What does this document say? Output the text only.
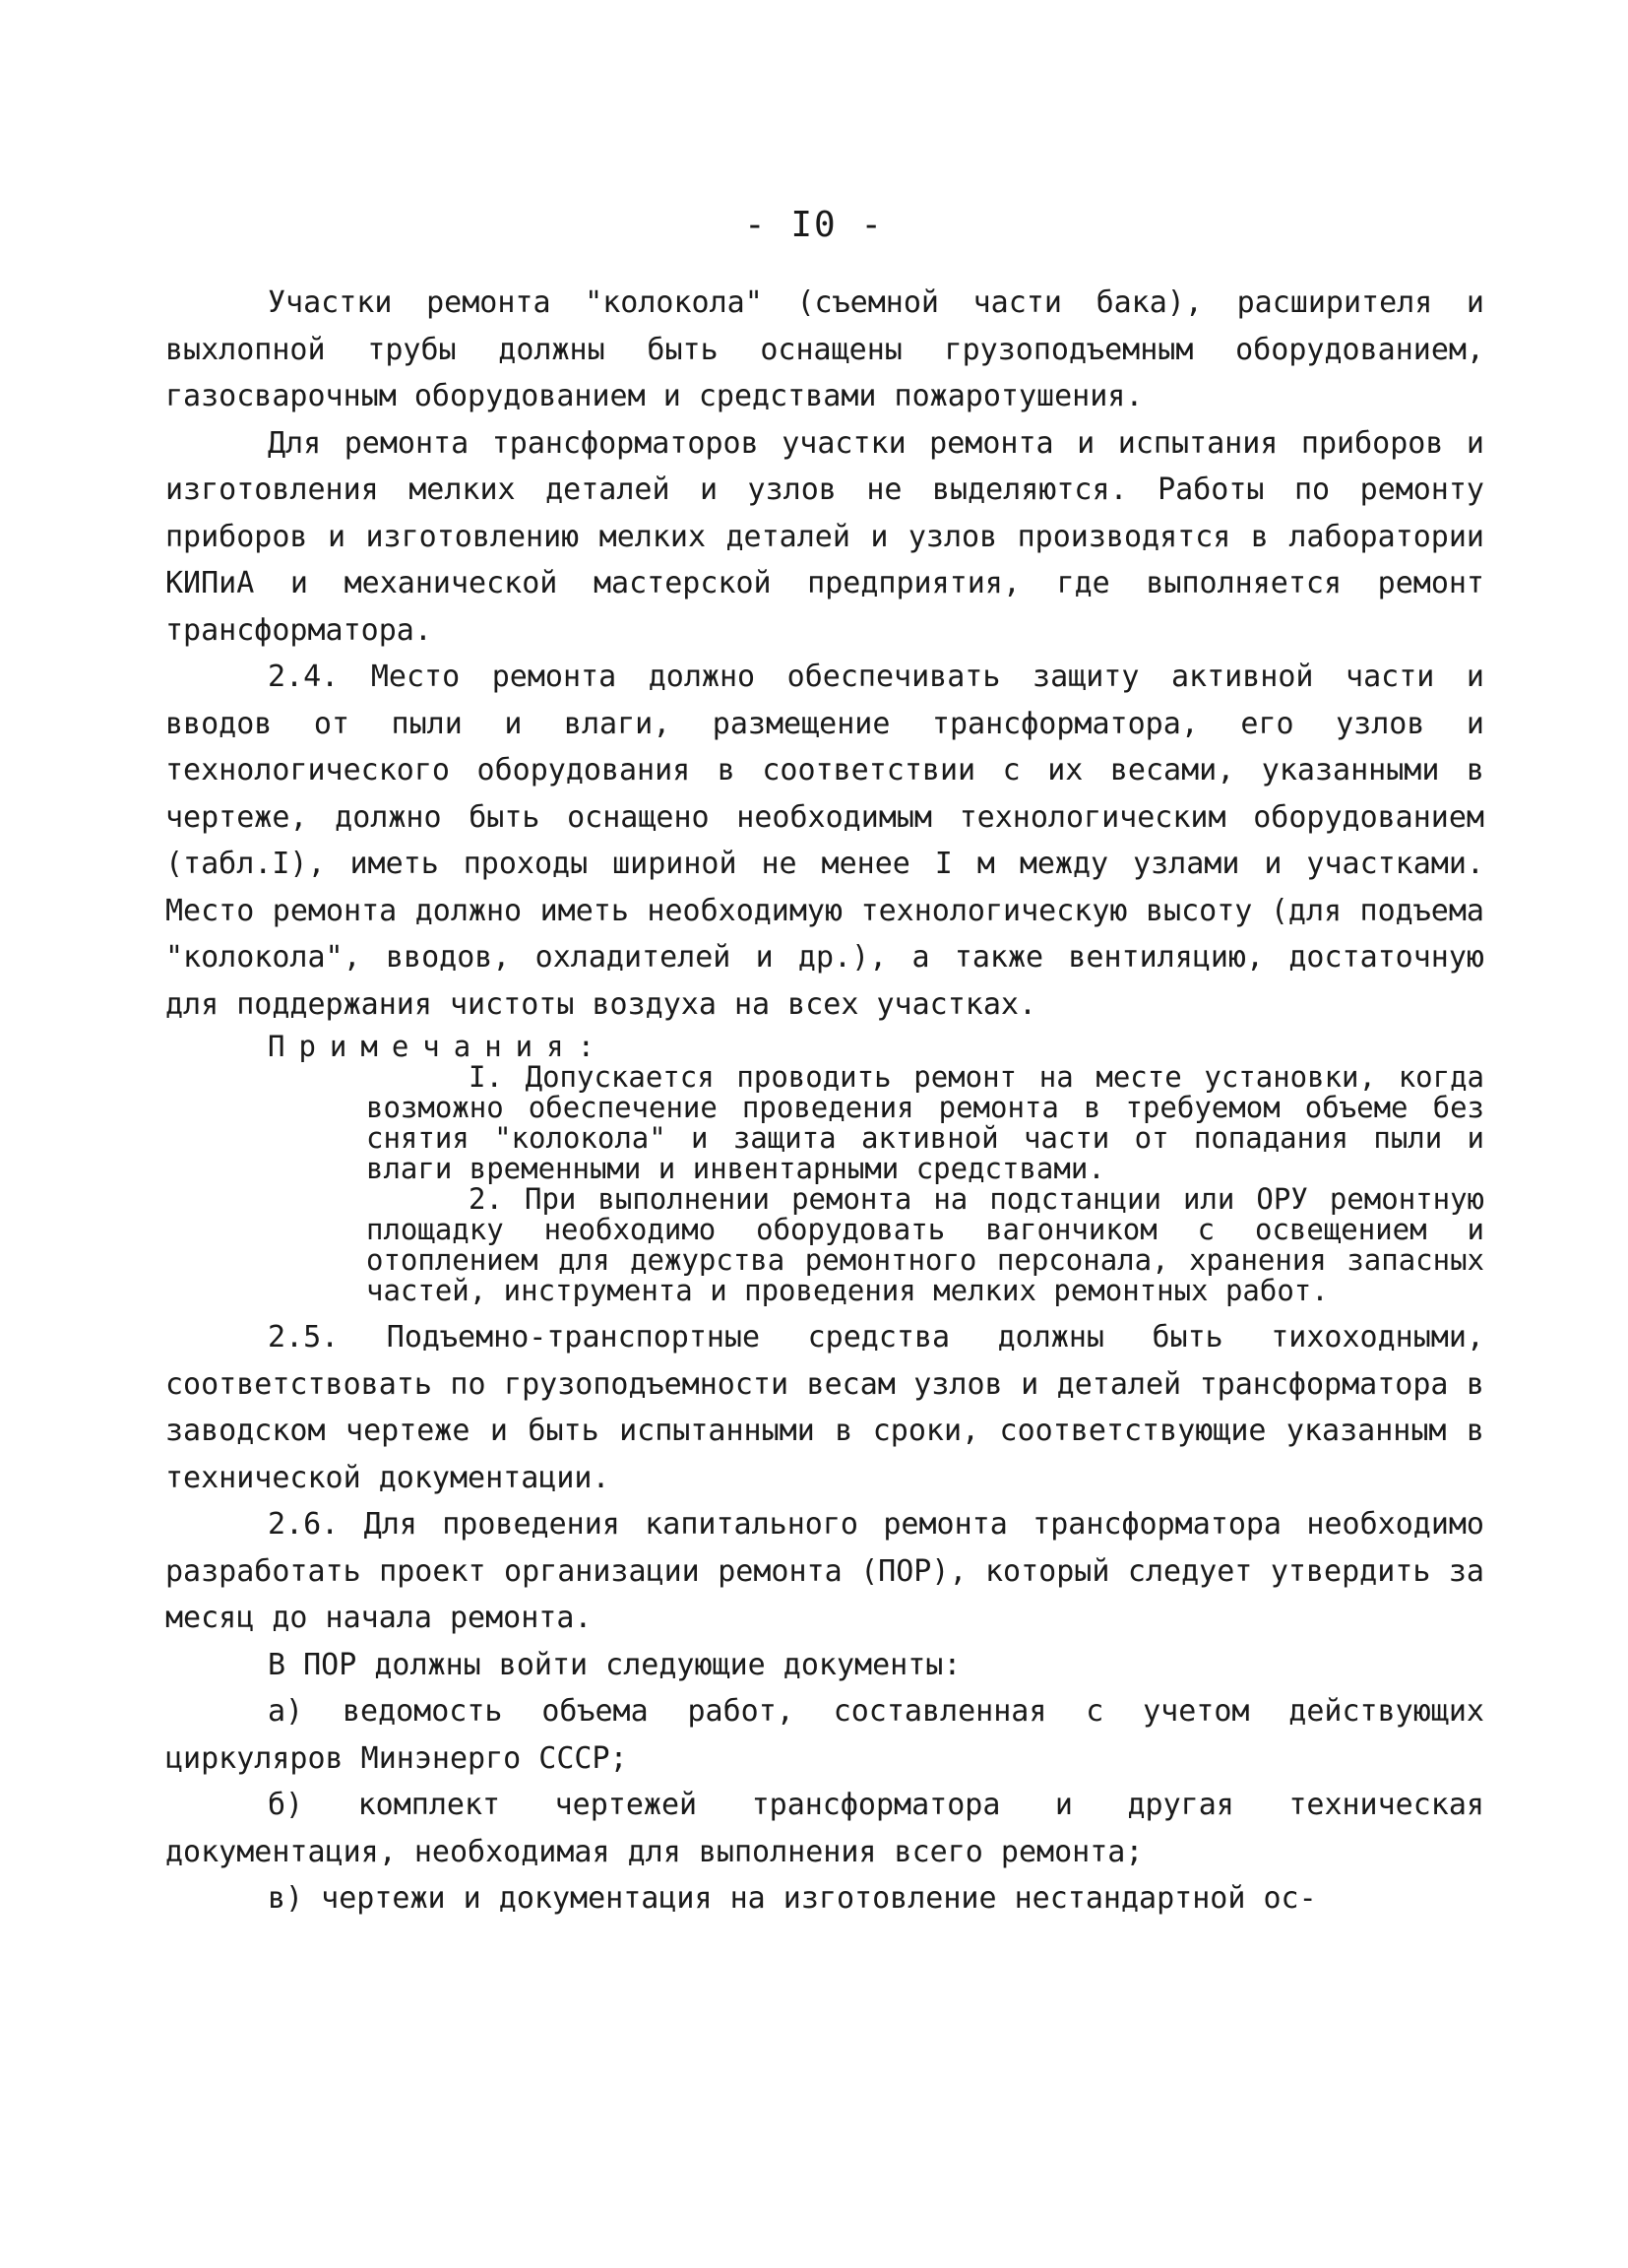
- I0 -

Участки ремонта "колокола" (съемной части бака), расширителя и выхлопной трубы должны быть оснащены грузоподъемным оборудованием, газосварочным оборудованием и средствами пожаротушения.

Для ремонта трансформаторов участки ремонта и испытания приборов и изготовления мелких деталей и узлов не выделяются. Работы по ремонту приборов и изготовлению мелких деталей и узлов производятся в лаборатории КИПиА и механической мастерской предприятия, где выполняется ремонт трансформатора.

2.4. Место ремонта должно обеспечивать защиту активной части и вводов от пыли и влаги, размещение трансформатора, его узлов и технологического оборудования в соответствии с их весами, указанными в чертеже, должно быть оснащено необходимым технологическим оборудованием (табл.I), иметь проходы шириной не менее I м между узлами и участками. Место ремонта должно иметь необходимую технологическую высоту (для подъема "колокола", вводов, охладителей и др.), а также вентиляцию, достаточную для поддержания чистоты воздуха на всех участках.

Примечания:

I. Допускается проводить ремонт на месте установки, когда возможно обеспечение проведения ремонта в требуемом объеме без снятия "колокола" и защита активной части от попадания пыли и влаги временными и инвентарными средствами.

2. При выполнении ремонта на подстанции или ОРУ ремонтную площадку необходимо оборудовать вагончиком с освещением и отоплением для дежурства ремонтного персонала, хранения запасных частей, инструмента и проведения мелких ремонтных работ.

2.5. Подъемно-транспортные средства должны быть тихоходными, соответствовать по грузоподъемности весам узлов и деталей трансформатора в заводском чертеже и быть испытанными в сроки, соответствующие указанным в технической документации.

2.6. Для проведения капитального ремонта трансформатора необходимо разработать проект организации ремонта (ПОР), который следует утвердить за месяц до начала ремонта.

В ПОР должны войти следующие документы:

а) ведомость объема работ, составленная с учетом действующих циркуляров Минэнерго СССР;

б) комплект чертежей трансформатора и другая техническая документация, необходимая для выполнения всего ремонта;

в) чертежи и документация на изготовление нестандартной ос-
